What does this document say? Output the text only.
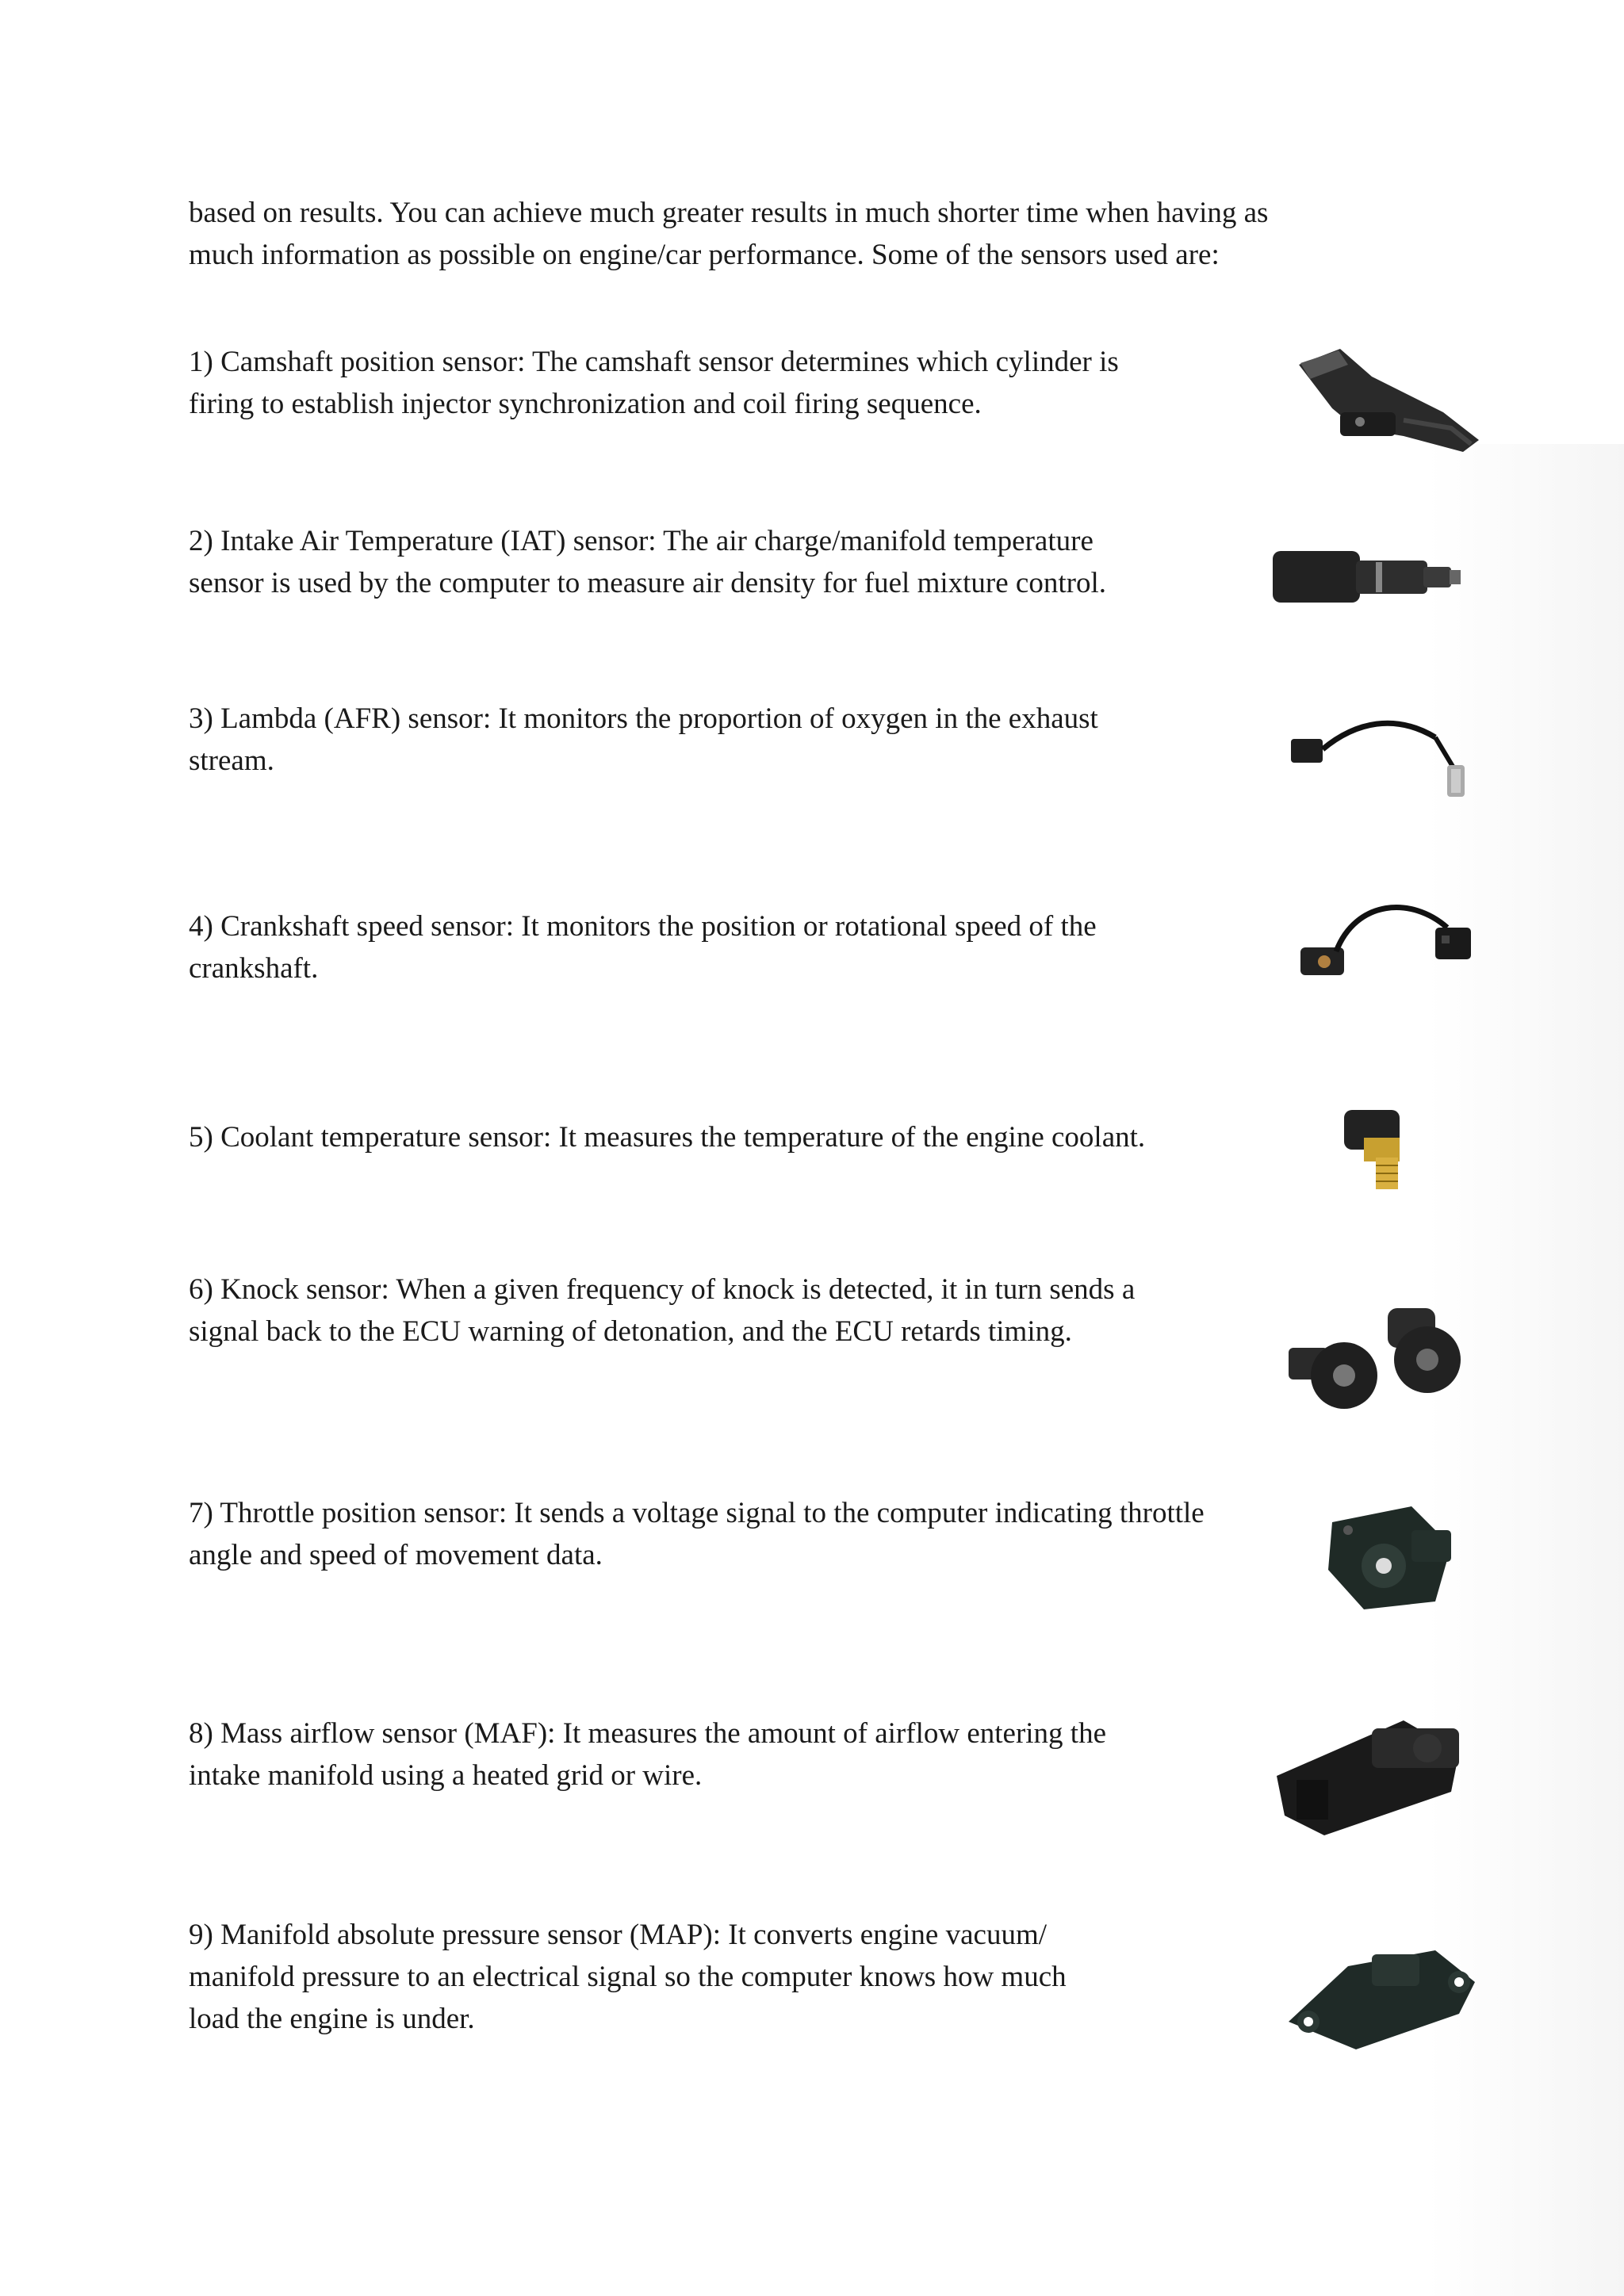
based on results. You can achieve much greater results in much shorter time when having as
much information as possible on engine/car performance. Some of the sensors used are:

1) Camshaft position sensor: The camshaft sensor determines which cylinder is
firing to establish injector synchronization and coil firing sequence.

2) Intake Air Temperature (IAT) sensor: The air charge/manifold temperature
sensor is used by the computer to measure air density for fuel mixture control.

3) Lambda (AFR) sensor: It monitors the proportion of oxygen in the exhaust
stream.

4) Crankshaft speed sensor: It monitors the position or rotational speed of the
crankshaft.

5) Coolant temperature sensor: It measures the temperature of the engine coolant.

6) Knock sensor: When a given frequency of knock is detected, it in turn sends a
signal back to the ECU warning of detonation, and the ECU retards timing.

7) Throttle position sensor: It sends a voltage signal to the computer indicating throttle
angle and speed of movement data.

8) Mass airflow sensor (MAF): It measures the amount of airflow entering the
intake manifold using a heated grid or wire.

9) Manifold absolute pressure sensor (MAP): It converts engine vacuum/
manifold pressure to an electrical signal so the computer knows how much
load the engine is under.
